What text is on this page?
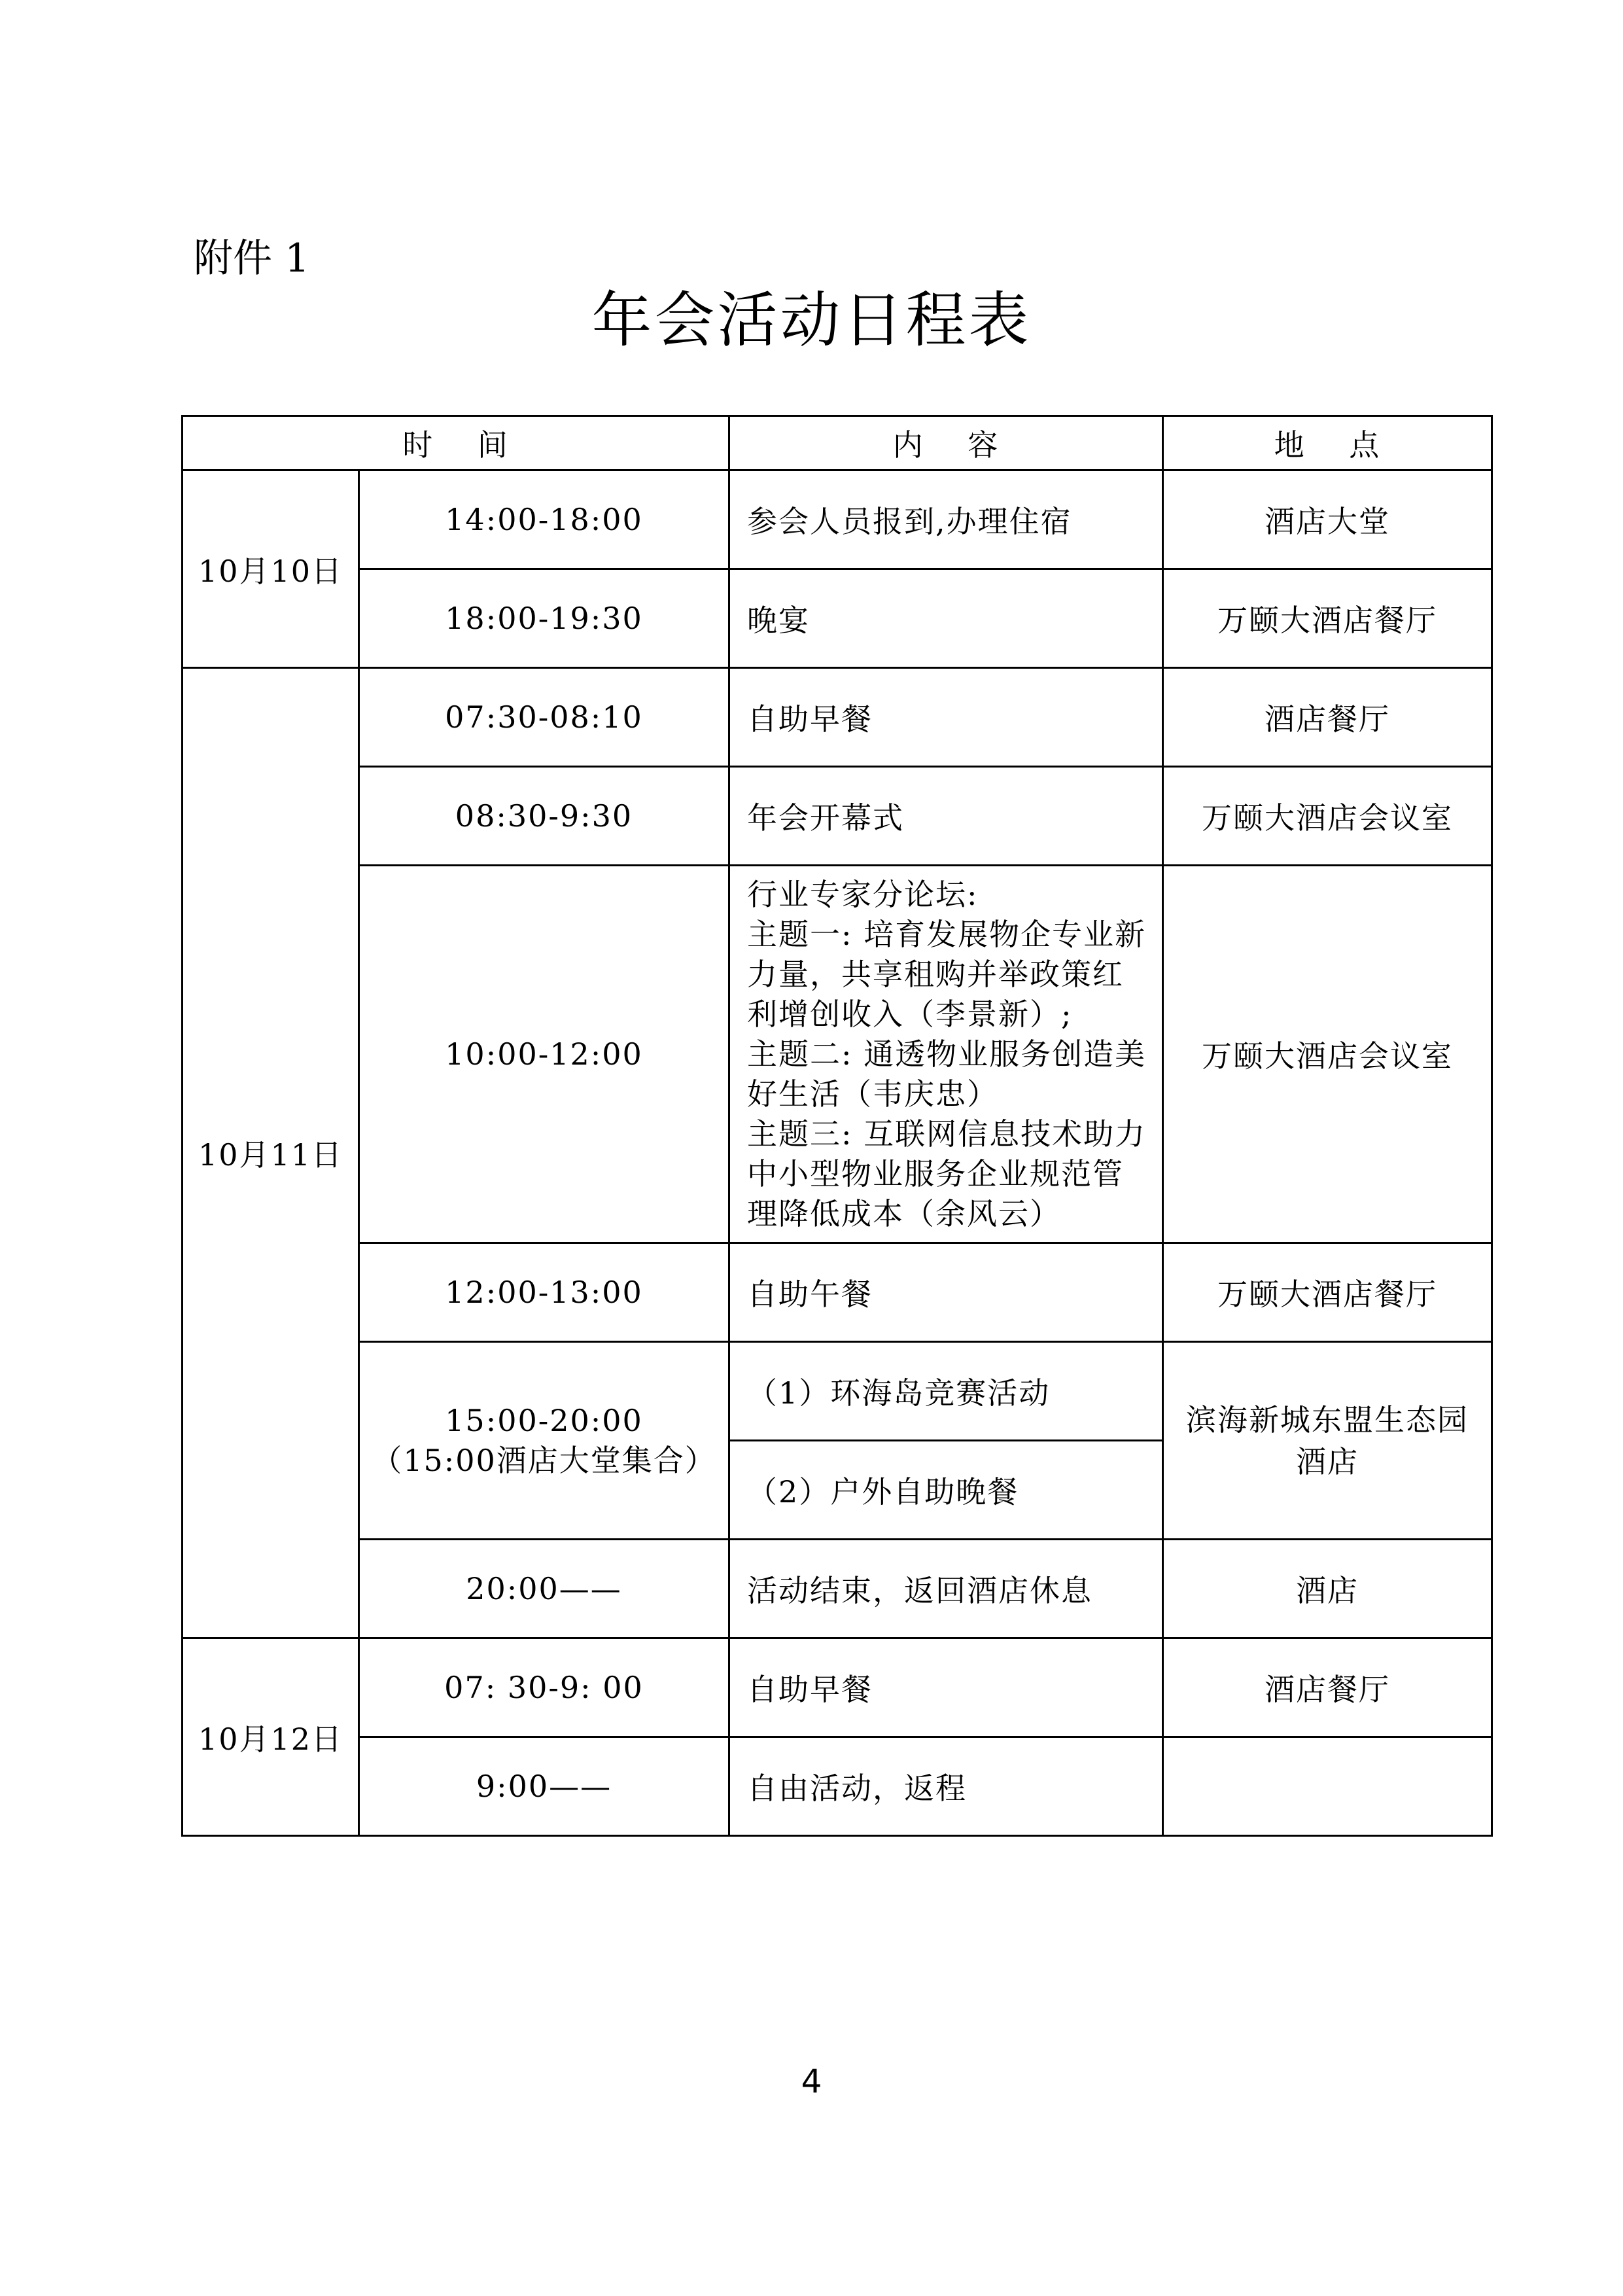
附件 1
年会活动日程表
时    间		内    容	地    点
10月10日	14:00-18:00	参会人员报到,办理住宿	酒店大堂
	18:00-19:30	晚宴	万颐大酒店餐厅
10月11日	07:30-08:10	自助早餐	酒店餐厅
	08:30-9:30	年会开幕式	万颐大酒店会议室
	10:00-12:00	行业专家分论坛:
主题一: 培育发展物企专业新力量，共享租购并举政策红利增创收入（李景新）;
主题二: 通透物业服务创造美好生活（韦庆忠）
主题三: 互联网信息技术助力中小型物业服务企业规范管理降低成本（余风云）	万颐大酒店会议室
	12:00-13:00	自助午餐	万颐大酒店餐厅
	15:00-20:00
（15:00酒店大堂集合）	（1）环海岛竞赛活动	滨海新城东盟生态园酒店
		（2）户外自助晚餐	
	20:00——	活动结束，返回酒店休息	酒店
10月12日	07: 30-9: 00	自助早餐	酒店餐厅
	9:00——	自由活动，返程	
4
